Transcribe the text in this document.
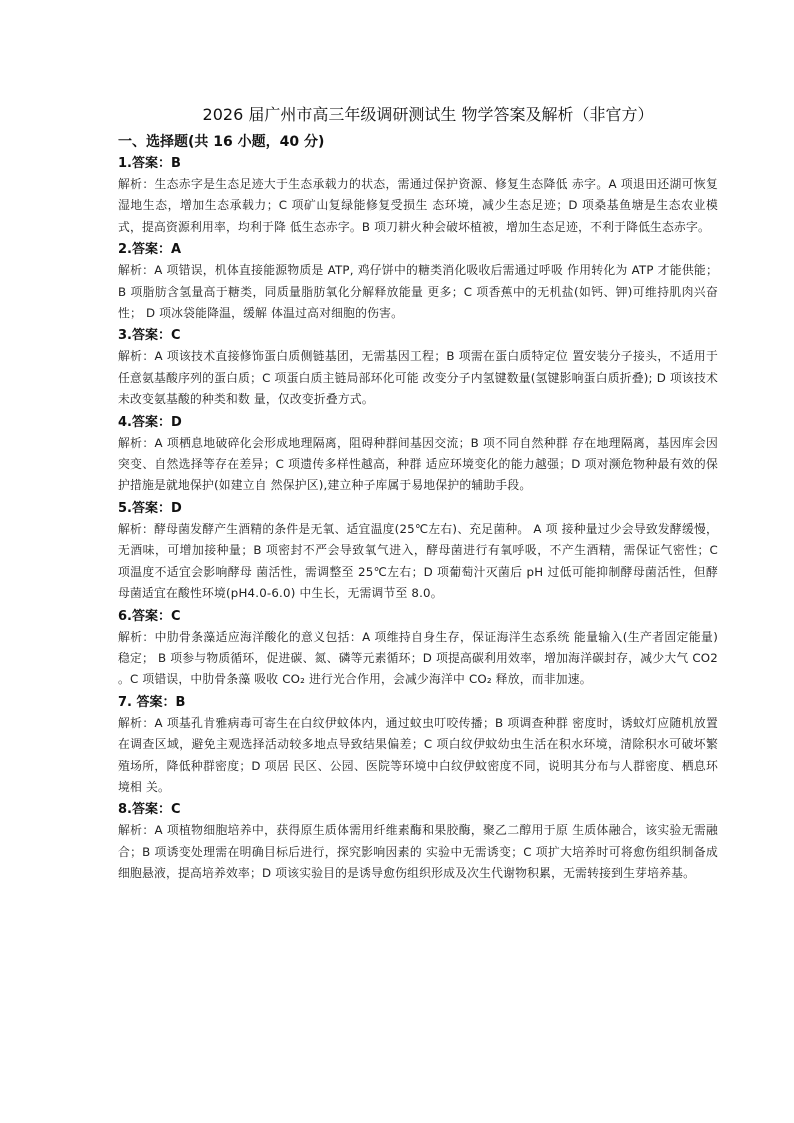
2026 届广州市高三年级调研测试生 物学答案及解析（非官方）
一、选择题(共 16 小题，40 分)
1.答案：B
解析：生态赤字是生态足迹大于生态承载力的状态，需通过保护资源、修复生态降低 赤字。A 项退田还湖可恢复湿地生态，增加生态承载力；C 项矿山复绿能修复受损生 态环境，减少生态足迹；D 项桑基鱼塘是生态农业模式，提高资源利用率，均利于降 低生态赤字。B 项刀耕火种会破坏植被，增加生态足迹，不利于降低生态赤字。
2.答案：A
解析：A 项错误，机体直接能源物质是 ATP, 鸡仔饼中的糖类消化吸收后需通过呼吸 作用转化为 ATP 才能供能；B 项脂肪含氢量高于糖类，同质量脂肪氧化分解释放能量 更多；C 项香蕉中的无机盐(如钙、钾)可维持肌肉兴奋性； D 项冰袋能降温，缓解 体温过高对细胞的伤害。
3.答案：C
解析：A 项该技术直接修饰蛋白质侧链基团，无需基因工程；B 项需在蛋白质特定位 置安装分子接头，不适用于任意氨基酸序列的蛋白质；C 项蛋白质主链局部环化可能 改变分子内氢键数量(氢键影响蛋白质折叠); D 项该技术未改变氨基酸的种类和数 量，仅改变折叠方式。
4.答案：D
解析：A 项栖息地破碎化会形成地理隔离，阻碍种群间基因交流；B 项不同自然种群 存在地理隔离，基因库会因突变、自然选择等存在差异；C 项遗传多样性越高，种群 适应环境变化的能力越强；D 项对濒危物种最有效的保护措施是就地保护(如建立自 然保护区),建立种子库属于易地保护的辅助手段。
5.答案：D
解析：酵母菌发酵产生酒精的条件是无氧、适宜温度(25℃左右)、充足菌种。 A 项 接种量过少会导致发酵缓慢，无酒味，可增加接种量；B 项密封不严会导致氧气进入，酵母菌进行有氧呼吸，不产生酒精，需保证气密性；C 项温度不适宜会影响酵母 菌活性，需调整至 25℃左右；D 项葡萄汁灭菌后 pH 过低可能抑制酵母菌活性，但酵 母菌适宜在酸性环境(pH4.0-6.0) 中生长，无需调节至 8.0。
6.答案：C
解析：中肋骨条藻适应海洋酸化的意义包括：A 项维持自身生存，保证海洋生态系统 能量输入(生产者固定能量)稳定； B 项参与物质循环，促进碳、氮、磷等元素循环；D 项提高碳利用效率，增加海洋碳封存，减少大气 CO2 。C 项错误，中肋骨条藻 吸收 CO₂ 进行光合作用，会减少海洋中 CO₂ 释放，而非加速。
7. 答案：B
解析：A 项基孔肯雅病毒可寄生在白纹伊蚊体内，通过蚊虫叮咬传播；B 项调查种群 密度时，诱蚊灯应随机放置在调查区域，避免主观选择活动较多地点导致结果偏差；C 项白纹伊蚊幼虫生活在积水环境，清除积水可破坏繁殖场所，降低种群密度；D 项居 民区、公园、医院等环境中白纹伊蚊密度不同，说明其分布与人群密度、栖息环境相 关。
8.答案：C
解析：A 项植物细胞培养中，获得原生质体需用纤维素酶和果胶酶，聚乙二醇用于原 生质体融合，该实验无需融合；B 项诱变处理需在明确目标后进行，探究影响因素的 实验中无需诱变；C 项扩大培养时可将愈伤组织制备成细胞悬液，提高培养效率；D 项该实验目的是诱导愈伤组织形成及次生代谢物积累，无需转接到生芽培养基。
